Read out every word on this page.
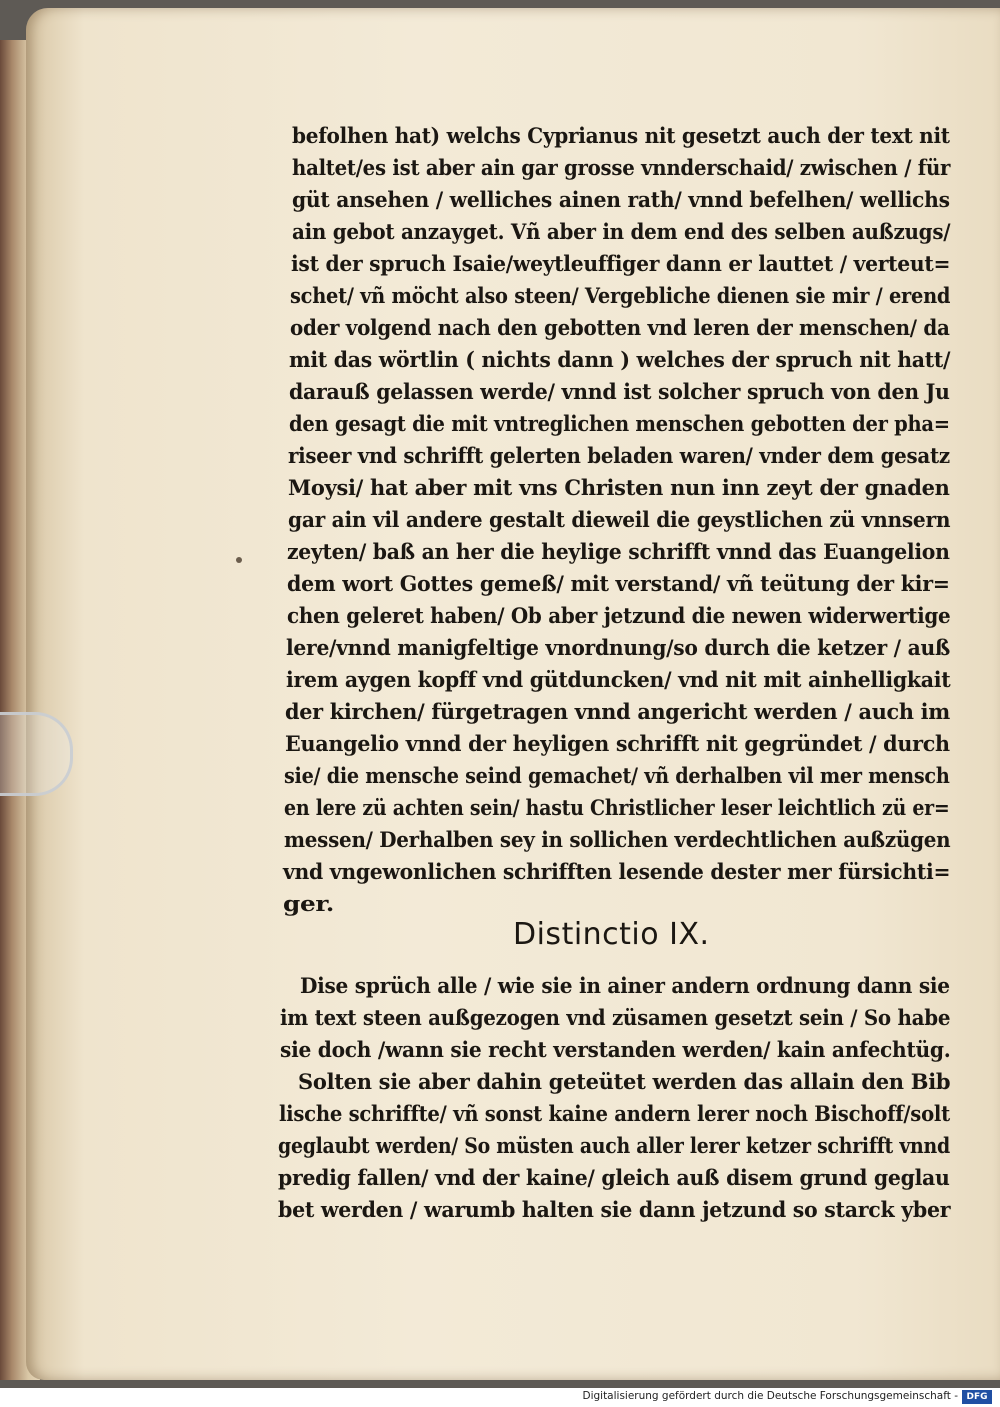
befolhen hat) welchs Cyprianus nit gesetzt auch der text nit
haltet/es ist aber ain gar grosse vnnderschaid/ zwischen / für
güt ansehen / welliches ainen rath/ vnnd befelhen/ wellichs
ain gebot anzayget. Vñ aber in dem end des selben außzugs/
ist der spruch Isaie/weytleuffiger dann er lauttet / verteut=
schet/ vñ möcht also steen/ Vergebliche dienen sie mir / erend
oder volgend nach den gebotten vnd leren der menschen/ da
mit das wörtlin ( nichts dann ) welches der spruch nit hatt/
darauß gelassen werde/ vnnd ist solcher spruch von den Ju
den gesagt die mit vntreglichen menschen gebotten der pha=
riseer vnd schrifft gelerten beladen waren/ vnder dem gesatz
Moysi/ hat aber mit vns Christen nun inn zeyt der gnaden
gar ain vil andere gestalt dieweil die geystlichen zü vnnsern
zeyten/ baß an her die heylige schrifft vnnd das Euangelion
dem wort Gottes gemeß/ mit verstand/ vñ teütung der kir=
chen geleret haben/ Ob aber jetzund die newen widerwertige
lere/vnnd manigfeltige vnordnung/so durch die ketzer / auß
irem aygen kopff vnd gütduncken/ vnd nit mit ainhelligkait
der kirchen/ fürgetragen vnnd angericht werden / auch im
Euangelio vnnd der heyligen schrifft nit gegründet / durch
sie/ die mensche seind gemachet/ vñ derhalben vil mer mensch
en lere zü achten sein/ hastu Christlicher leser leichtlich zü er=
messen/ Derhalben sey in sollichen verdechtlichen außzügen
vnd vngewonlichen schrifften lesende dester mer fürsichti=
ger.
Distinctio IX.
Dise sprüch alle / wie sie in ainer andern ordnung dann sie
im text steen außgezogen vnd züsamen gesetzt sein / So habe
sie doch /wann sie recht verstanden werden/ kain anfechtüg.
Solten sie aber dahin geteütet werden das allain den Bib
lische schriffte/ vñ sonst kaine andern lerer noch Bischoff/solt
geglaubt werden/ So müsten auch aller lerer ketzer schrifft vnnd
predig fallen/ vnd der kaine/ gleich auß disem grund geglau
bet werden / warumb halten sie dann jetzund so starck yber
Digitalisierung gefördert durch die Deutsche Forschungsgemeinschaft - DFG
